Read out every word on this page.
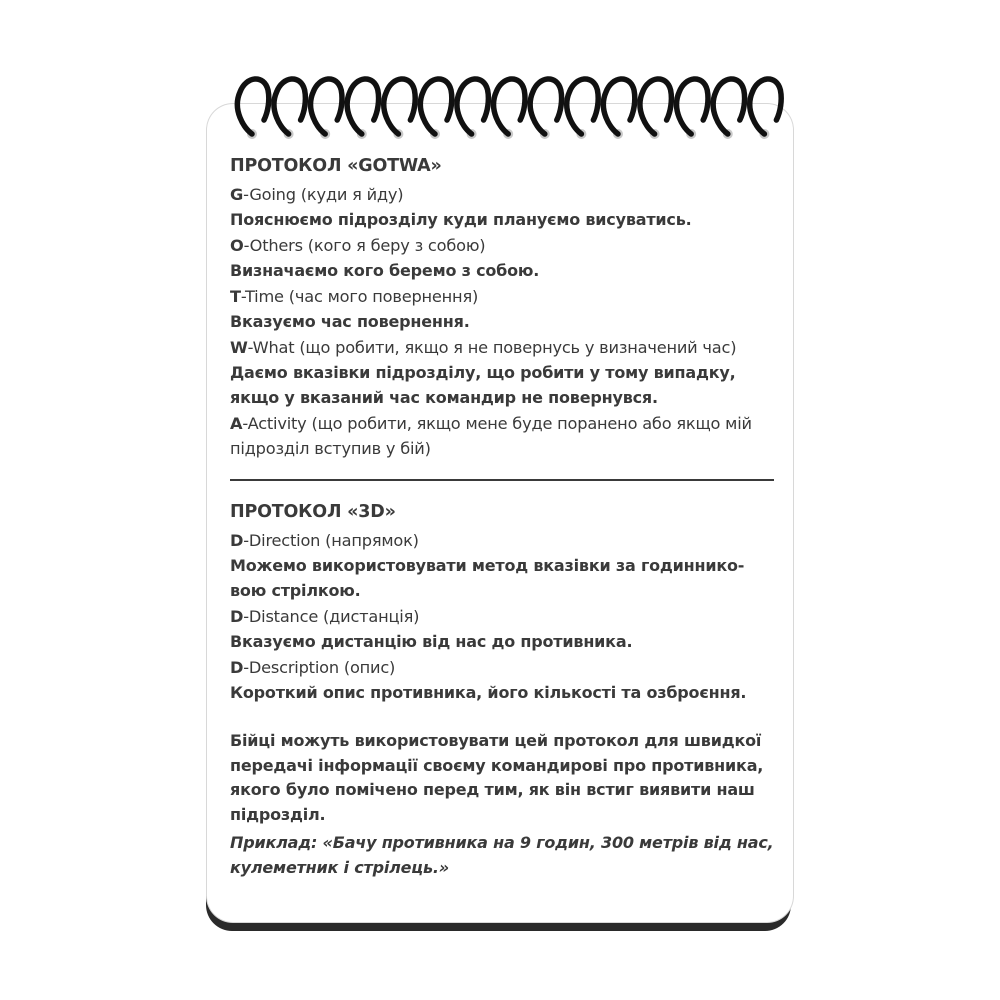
ПРОТОКОЛ «GOTWA»
G-Going (куди я йду)
Пояснюємо підрозділу куди плануємо висуватись.
O-Others (кого я беру з собою)
Визначаємо кого беремо з собою.
T-Time (час мого повернення)
Вказуємо час повернення.
W-What (що робити, якщо я не повернусь у визначений час)
Даємо вказівки підрозділу, що робити у тому випадку, якщо у вказаний час командир не повернувся.
A-Activity (що робити, якщо мене буде поранено або якщо мій підрозділ вступив у бій)
ПРОТОКОЛ «3D»
D-Direction (напрямок)
Можемо використовувати метод вказівки за годиннико-вою стрілкою.
D-Distance (дистанція)
Вказуємо дистанцію від нас до противника.
D-Description (опис)
Короткий опис противника, його кількості та озброєння.
Бійці можуть використовувати цей протокол для швидкої передачі інформації своєму командирові про противника, якого було помічено перед тим, як він встиг виявити наш підрозділ.
Приклад: «Бачу противника на 9 годин, 300 метрів від нас, кулеметник і стрілець.»
